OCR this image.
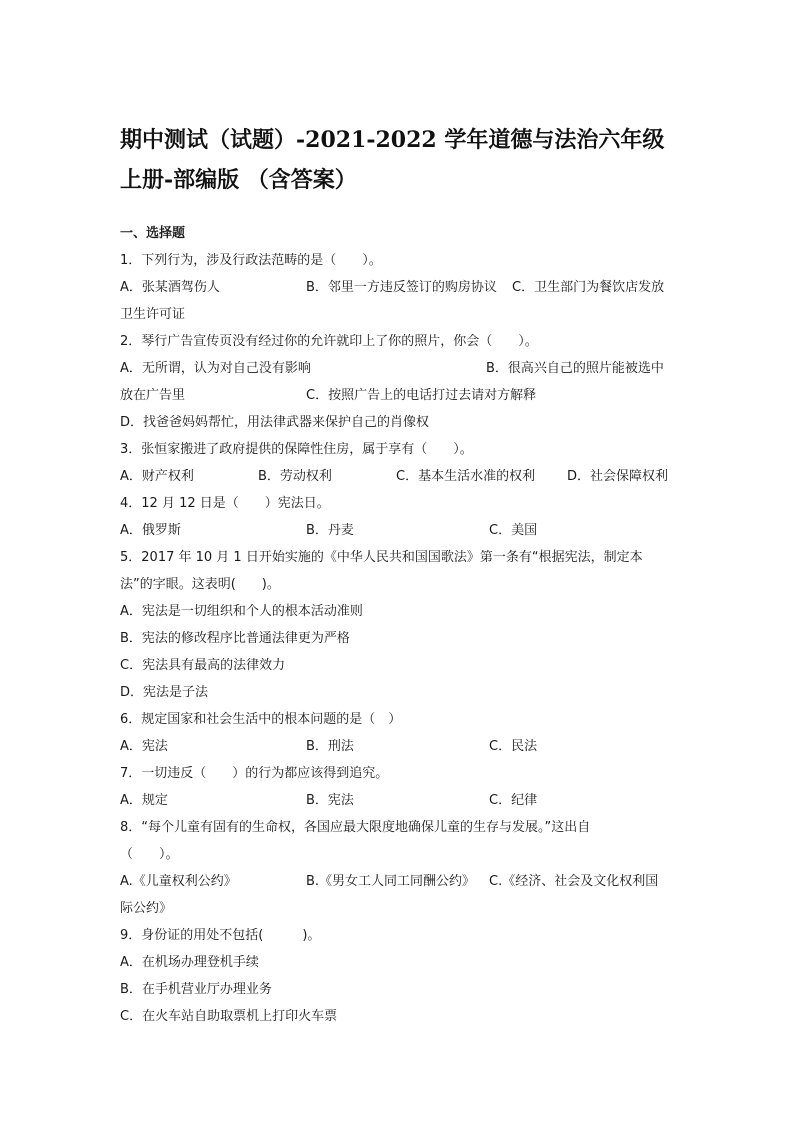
期中测试（试题）-2021-2022 学年道德与法治六年级
上册-部编版 （含答案）
一、选择题
1．下列行为，涉及行政法范畴的是（　　）。
A．张某酒驾伤人	B．邻里一方违反签订的购房协议 C．卫生部门为餐饮店发放
卫生许可证
2．琴行广告宣传页没有经过你的允许就印上了你的照片，你会（　　）。
A．无所谓，认为对自己没有影响	B．很高兴自己的照片能被选中
放在广告里	C．按照广告上的电话打过去请对方解释
D．找爸爸妈妈帮忙，用法律武器来保护自己的肖像权
3．张恒家搬进了政府提供的保障性住房，属于享有（　　）。
A．财产权利	B．劳动权利	C．基本生活水准的权利 D．社会保障权利
4．12 月 12 日是（　　）宪法日。
A．俄罗斯	B．丹麦	C．美国
5．2017 年 10 月 1 日开始实施的《中华人民共和国国歌法》第一条有“根据宪法，制定本
法”的字眼。这表明(　　)。
A．宪法是一切组织和个人的根本活动准则
B．宪法的修改程序比普通法律更为严格
C．宪法具有最高的法律效力
D．宪法是子法
6．规定国家和社会生活中的根本问题的是（　）
A．宪法	B．刑法	C．民法
7．一切违反（　　）的行为都应该得到追究。
A．规定	B．宪法	C．纪律
8．“每个儿童有固有的生命权，各国应最大限度地确保儿童的生存与发展。”这出自
（　　）。
A.《儿童权利公约》	B.《男女工人同工同酬公约》 C.《经济、社会及文化权利国
际公约》
9．身份证的用处不包括(　　　)。
A．在机场办理登机手续
B．在手机营业厅办理业务
C．在火车站自助取票机上打印火车票
